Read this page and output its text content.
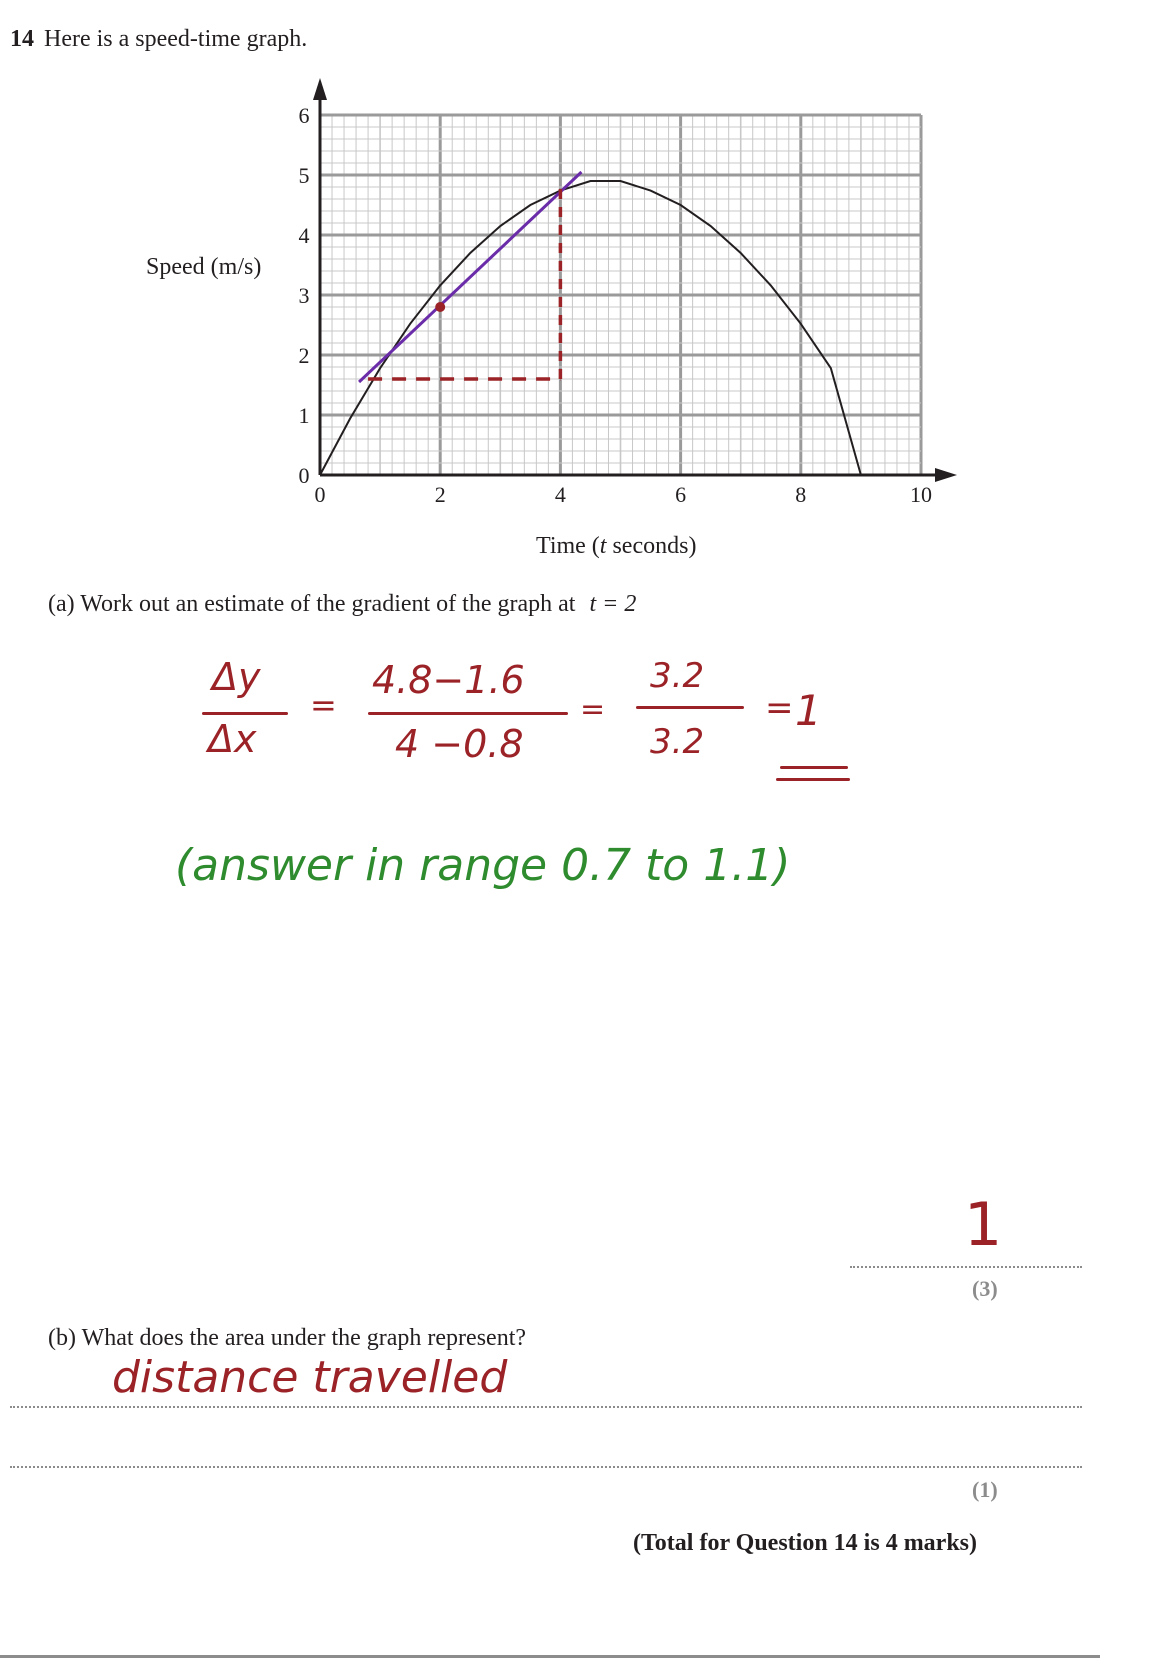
14 Here is a speed-time graph.
0	2	4	6	8	10
0
1
2
3
4
5
6
Speed (m/s)
Time (t seconds)
(a) Work out an estimate of the gradient of the graph at t = 2
Δy
Δx
=
4.8−1.6
4 −0.8
=
3.2
3.2
= 1
(answer in range 0.7 to 1.1)
1
(3)
(b) What does the area under the graph represent?
distance travelled
(1)
(Total for Question 14 is 4 marks)
